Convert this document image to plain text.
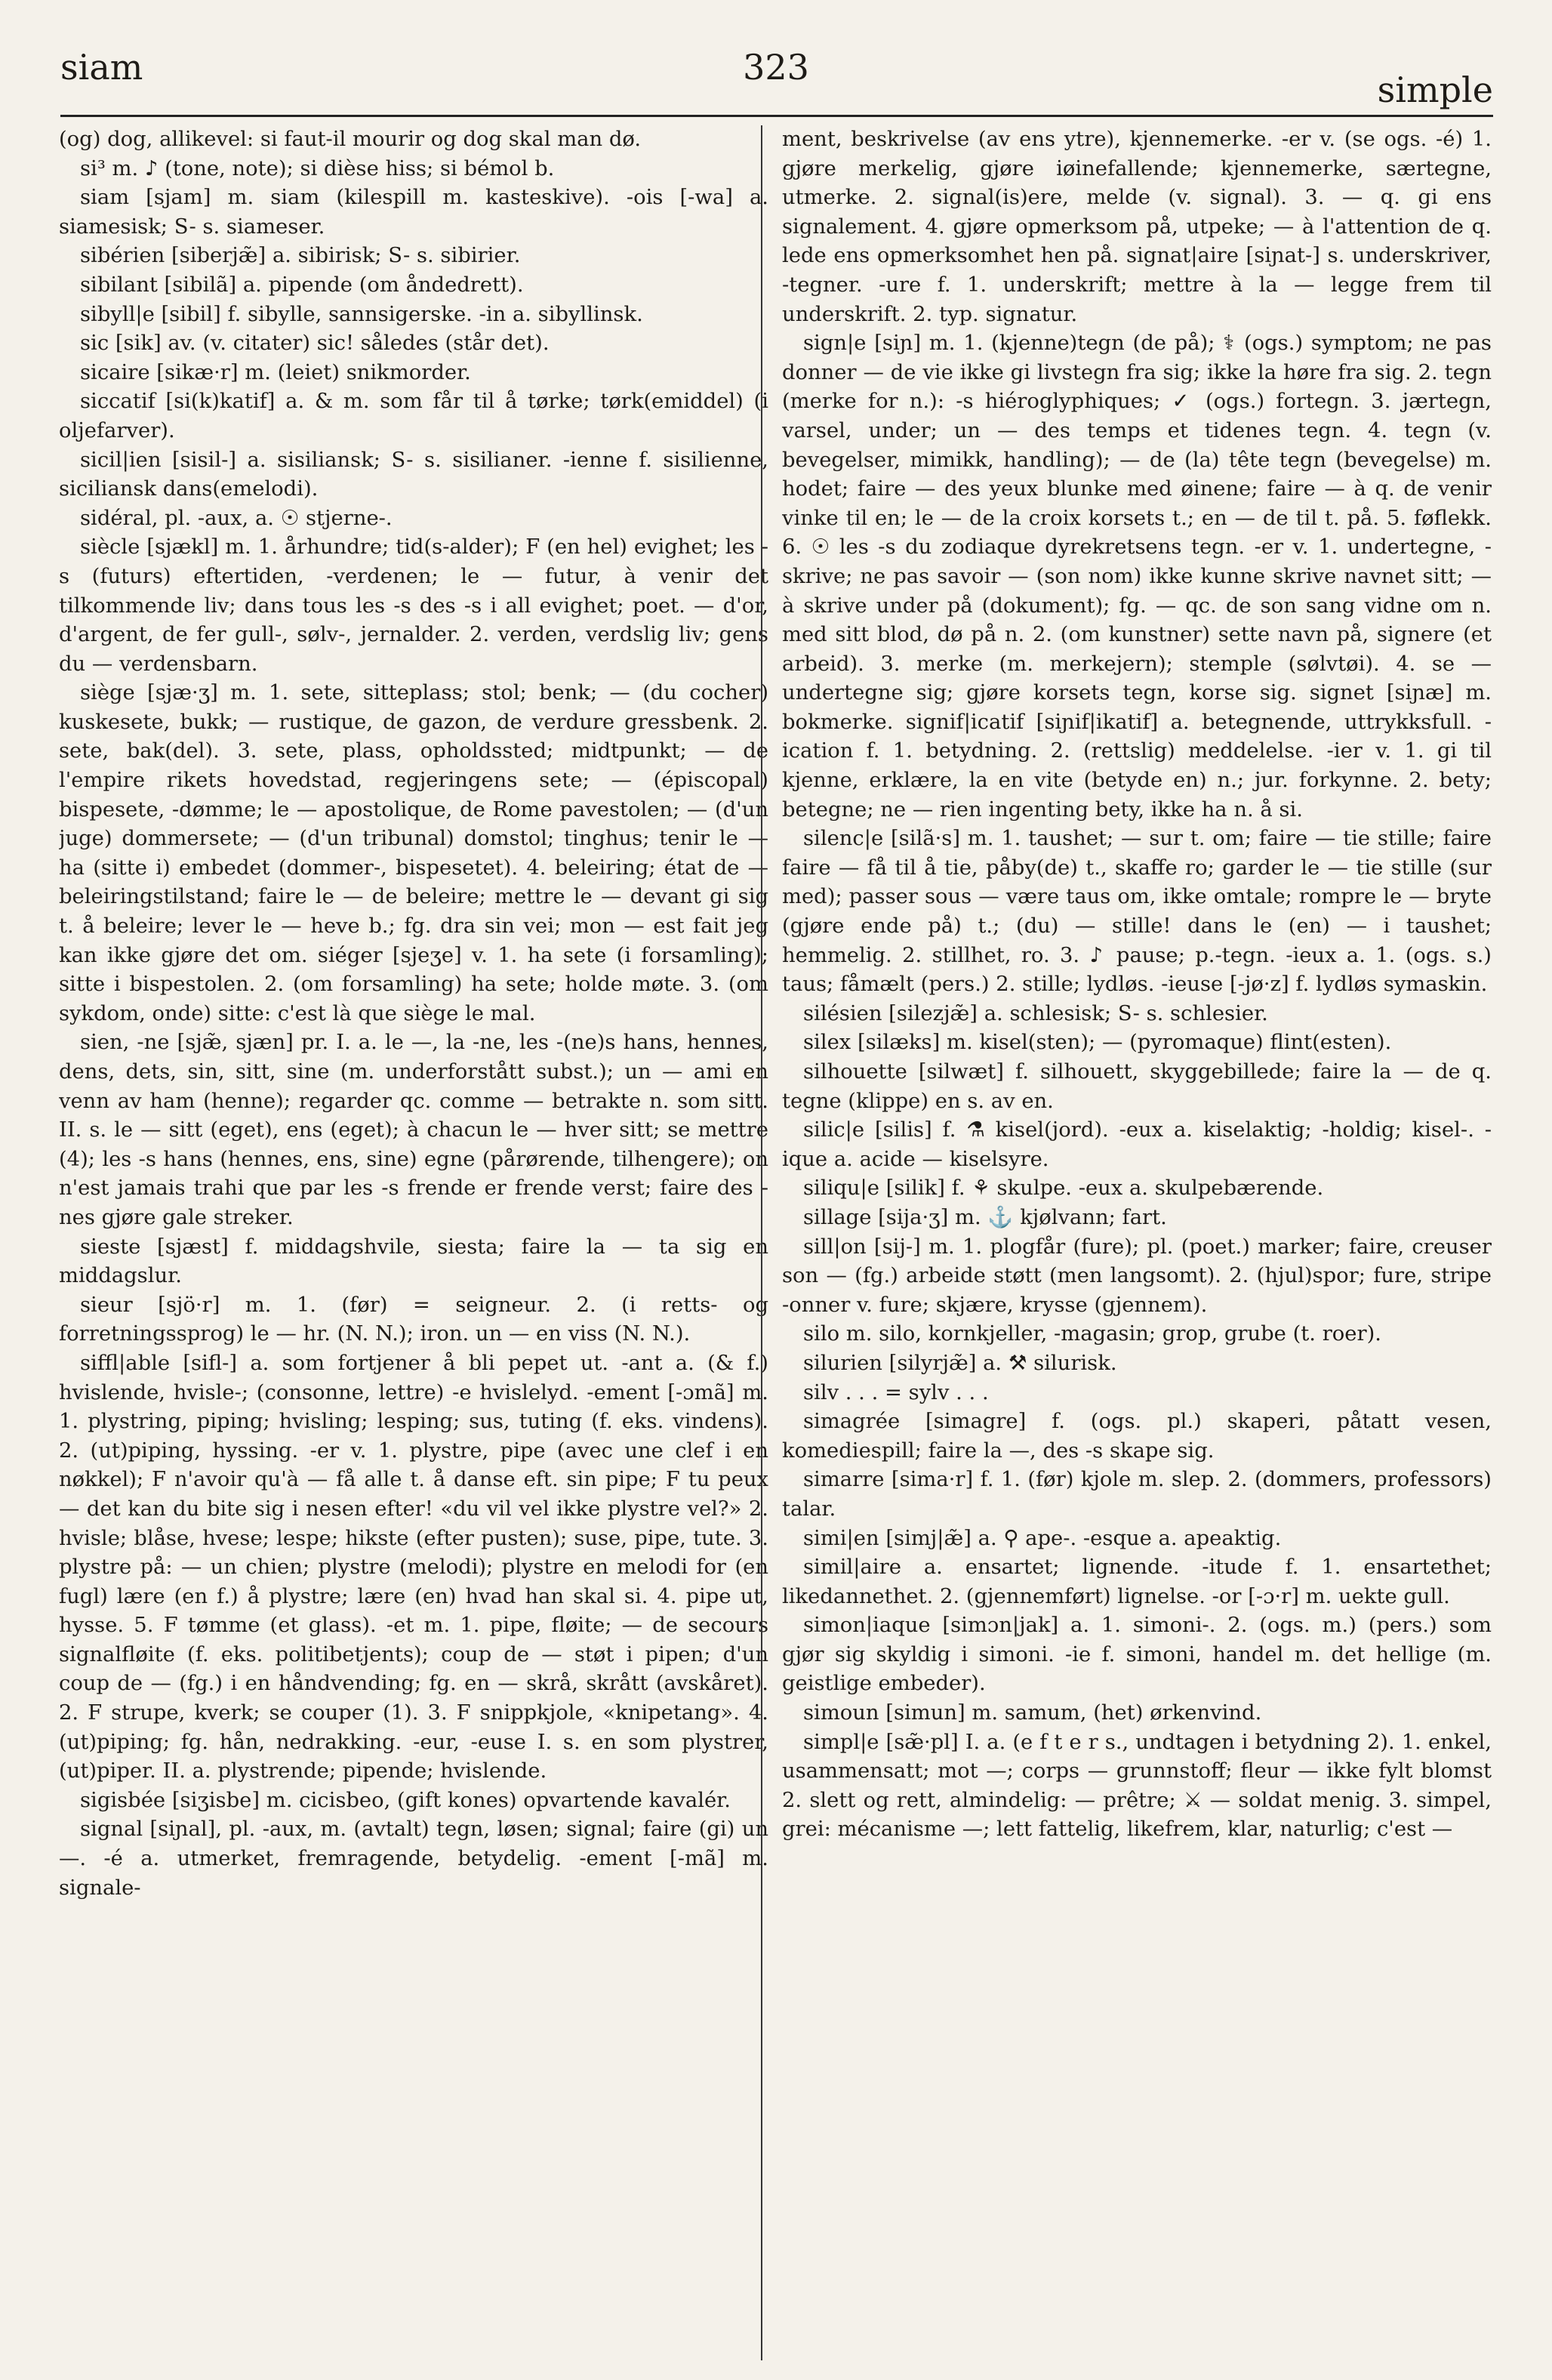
siam	323
simple

(og) dog, allikevel: si faut-il mourir og dog skal man dø.

si³ m. ♪ (tone, note); si dièse hiss; si bémol b.

siam [sjam] m. siam (kilespill m. kasteskive). -ois [-wa] a. siamesisk; S- s. siameser.

sibérien [siberjæ̃] a. sibirisk; S- s. sibirier.

sibilant [sibilã] a. pipende (om åndedrett).

sibyll|e [sibil] f. sibylle, sannsigerske. -in a. sibyllinsk.

sic [sik] av. (v. citater) sic! således (står det).

sicaire [sikæ·r] m. (leiet) snikmorder.

siccatif [si(k)katif] a. & m. som får til å tørke; tørk(emiddel) (i oljefarver).

sicil|ien [sisil-] a. sisiliansk; S- s. sisilianer. -ienne f. sisilienne, siciliansk dans(emelodi).

sidéral, pl. -aux, a. ☉ stjerne-.

siècle [sjækl] m. 1. århundre; tid(s-alder); F (en hel) evighet; les -s (futurs) eftertiden, -verdenen; le — futur, à venir det tilkommende liv; dans tous les -s des -s i all evighet; poet. — d'or, d'argent, de fer gull-, sølv-, jernalder. 2. verden, verdslig liv; gens du — verdensbarn.

siège [sjæ·ʒ] m. 1. sete, sitteplass; stol; benk; — (du cocher) kuskesete, bukk; — rustique, de gazon, de verdure gressbenk. 2. sete, bak(del). 3. sete, plass, opholdssted; midtpunkt; — de l'empire rikets hovedstad, regjeringens sete; — (épiscopal) bispesete, -dømme; le — apostolique, de Rome pavestolen; — (d'un juge) dommersete; — (d'un tribunal) domstol; tinghus; tenir le — ha (sitte i) embedet (dommer-, bispesetet). 4. beleiring; état de — beleiringstilstand; faire le — de beleire; mettre le — devant gi sig t. å beleire; lever le — heve b.; fg. dra sin vei; mon — est fait jeg kan ikke gjøre det om. siéger [sjeʒe] v. 1. ha sete (i forsamling); sitte i bispestolen. 2. (om forsamling) ha sete; holde møte. 3. (om sykdom, onde) sitte: c'est là que siège le mal.

sien, -ne [sjæ̃, sjæn] pr. I. a. le —, la -ne, les -(ne)s hans, hennes, dens, dets, sin, sitt, sine (m. underforstått subst.); un — ami en venn av ham (henne); regarder qc. comme — betrakte n. som sitt. II. s. le — sitt (eget), ens (eget); à chacun le — hver sitt; se mettre (4); les -s hans (hennes, ens, sine) egne (pårørende, tilhengere); on n'est jamais trahi que par les -s frende er frende verst; faire des -nes gjøre gale streker.

sieste [sjæst] f. middagshvile, siesta; faire la — ta sig en middagslur.

sieur [sjö·r] m. 1. (før) = seigneur. 2. (i retts- og forretningssprog) le — hr. (N. N.); iron. un — en viss (N. N.).

siffl|able [sifl-] a. som fortjener å bli pepet ut. -ant a. (& f.) hvislende, hvisle-; (consonne, lettre) -e hvislelyd. -ement [-ɔmã] m. 1. plystring, piping; hvisling; lesping; sus, tuting (f. eks. vindens). 2. (ut)piping, hyssing. -er v. 1. plystre, pipe (avec une clef i en nøkkel); F n'avoir qu'à — få alle t. å danse eft. sin pipe; F tu peux — det kan du bite sig i nesen efter! «du vil vel ikke plystre vel?» 2. hvisle; blåse, hvese; lespe; hikste (efter pusten); suse, pipe, tute. 3. plystre på: — un chien; plystre (melodi); plystre en melodi for (en fugl) lære (en f.) å plystre; lære (en) hvad han skal si. 4. pipe ut, hysse. 5. F tømme (et glass). -et m. 1. pipe, fløite; — de secours signalfløite (f. eks. politibetjents); coup de — støt i pipen; d'un coup de — (fg.) i en håndvending; fg. en — skrå, skrått (avskåret). 2. F strupe, kverk; se couper (1). 3. F snippkjole, «knipetang». 4. (ut)piping; fg. hån, nedrakking. -eur, -euse I. s. en som plystrer, (ut)piper. II. a. plystrende; pipende; hvislende.

sigisbée [siʒisbe] m. cicisbeo, (gift kones) opvartende kavalér.

signal [siɲal], pl. -aux, m. (avtalt) tegn, løsen; signal; faire (gi) un —. -é a. utmerket, fremragende, betydelig. -ement [-mã] m. signale-

ment, beskrivelse (av ens ytre), kjennemerke. -er v. (se ogs. -é) 1. gjøre merkelig, gjøre iøinefallende; kjennemerke, særtegne, utmerke. 2. signal(is)ere, melde (v. signal). 3. — q. gi ens signalement. 4. gjøre opmerksom på, utpeke; — à l'attention de q. lede ens opmerksomhet hen på. signat|aire [siɲat-] s. underskriver, -tegner. -ure f. 1. underskrift; mettre à la — legge frem til underskrift. 2. typ. signatur.

sign|e [siɲ] m. 1. (kjenne)tegn (de på); ⚕ (ogs.) symptom; ne pas donner — de vie ikke gi livstegn fra sig; ikke la høre fra sig. 2. tegn (merke for n.): -s hiéroglyphiques; ✓ (ogs.) fortegn. 3. jærtegn, varsel, under; un — des temps et tidenes tegn. 4. tegn (v. bevegelser, mimikk, handling); — de (la) tête tegn (bevegelse) m. hodet; faire — des yeux blunke med øinene; faire — à q. de venir vinke til en; le — de la croix korsets t.; en — de til t. på. 5. føflekk. 6. ☉ les -s du zodiaque dyrekretsens tegn. -er v. 1. undertegne, -skrive; ne pas savoir — (son nom) ikke kunne skrive navnet sitt; — à skrive under på (dokument); fg. — qc. de son sang vidne om n. med sitt blod, dø på n. 2. (om kunstner) sette navn på, signere (et arbeid). 3. merke (m. merkejern); stemple (sølvtøi). 4. se — undertegne sig; gjøre korsets tegn, korse sig. signet [siɲæ] m. bokmerke. signif|icatif [siɲif|ikatif] a. betegnende, uttrykksfull. -ication f. 1. betydning. 2. (rettslig) meddelelse. -ier v. 1. gi til kjenne, erklære, la en vite (betyde en) n.; jur. forkynne. 2. bety; betegne; ne — rien ingenting bety, ikke ha n. å si.

silenc|e [silã·s] m. 1. taushet; — sur t. om; faire — tie stille; faire faire — få til å tie, påby(de) t., skaffe ro; garder le — tie stille (sur med); passer sous — være taus om, ikke omtale; rompre le — bryte (gjøre ende på) t.; (du) — stille! dans le (en) — i taushet; hemmelig. 2. stillhet, ro. 3. ♪ pause; p.-tegn. -ieux a. 1. (ogs. s.) taus; fåmælt (pers.) 2. stille; lydløs. -ieuse [-jø·z] f. lydløs symaskin.

silésien [silezjæ̃] a. schlesisk; S- s. schlesier.

silex [silæks] m. kisel(sten); — (pyromaque) flint(esten).

silhouette [silwæt] f. silhouett, skyggebillede; faire la — de q. tegne (klippe) en s. av en.

silic|e [silis] f. ⚗ kisel(jord). -eux a. kiselaktig; -holdig; kisel-. -ique a. acide — kiselsyre.

siliqu|e [silik] f. ⚘ skulpe. -eux a. skulpebærende.

sillage [sija·ʒ] m. ⚓ kjølvann; fart.

sill|on [sij-] m. 1. plogfår (fure); pl. (poet.) marker; faire, creuser son — (fg.) arbeide støtt (men langsomt). 2. (hjul)spor; fure, stripe -onner v. fure; skjære, krysse (gjennem).

silo m. silo, kornkjeller, -magasin; grop, grube (t. roer).

silurien [silyrjæ̃] a. ⚒ silurisk.

silv . . . = sylv . . .

simagrée [simagre] f. (ogs. pl.) skaperi, påtatt vesen, komediespill; faire la —, des -s skape sig.

simarre [sima·r] f. 1. (før) kjole m. slep. 2. (dommers, professors) talar.

simi|en [simj|æ̃] a. ⚲ ape-. -esque a. apeaktig.

simil|aire a. ensartet; lignende. -itude f. 1. ensartethet; likedannethet. 2. (gjennemført) lignelse. -or [-ɔ·r] m. uekte gull.

simon|iaque [simɔn|jak] a. 1. simoni-. 2. (ogs. m.) (pers.) som gjør sig skyldig i simoni. -ie f. simoni, handel m. det hellige (m. geistlige embeder).

simoun [simun] m. samum, (het) ørkenvind.

simpl|e [sæ̃·pl] I. a. (e f t e r s., undtagen i betydning 2). 1. enkel, usammensatt; mot —; corps — grunnstoff; fleur — ikke fylt blomst 2. slett og rett, almindelig: — prêtre; ⚔ — soldat menig. 3. simpel, grei: mécanisme —; lett fattelig, likefrem, klar, naturlig; c'est —
